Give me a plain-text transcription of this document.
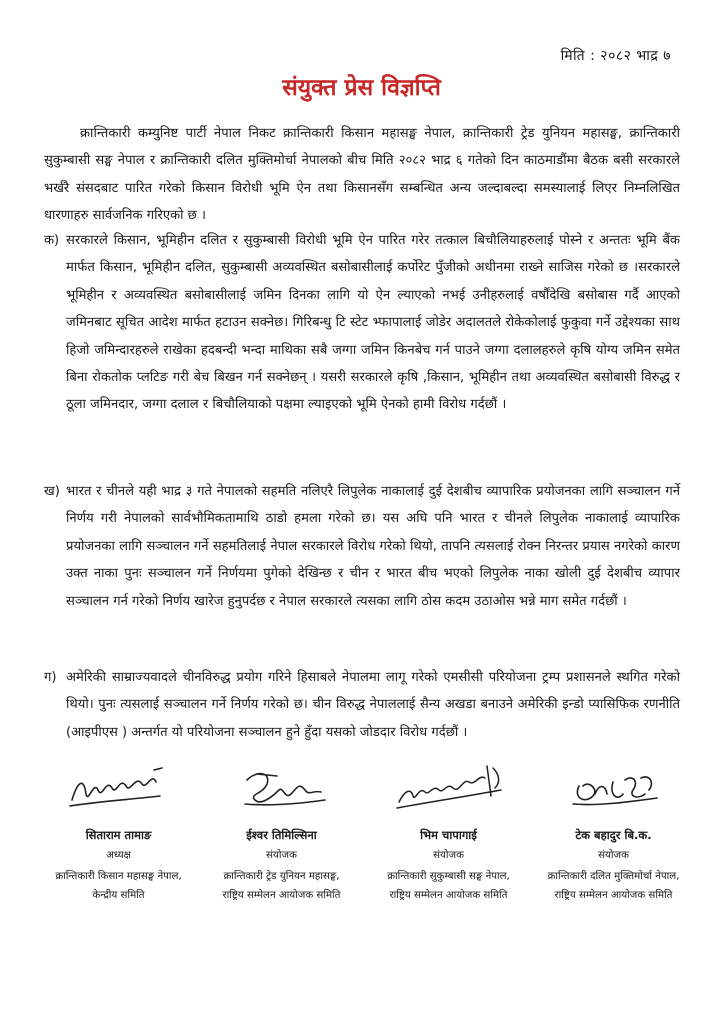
मिति : २०८२ भाद्र ७
संयुक्त प्रेस विज्ञप्ति

क्रान्तिकारी कम्युनिष्ट पार्टी नेपाल निकट क्रान्तिकारी किसान महासङ्घ नेपाल, क्रान्तिकारी ट्रेड युनियन महासङ्घ, क्रान्तिकारी सुकुम्बासी सङ्घ नेपाल र क्रान्तिकारी दलित मुक्तिमोर्चा नेपालको बीच मिति २०८२ भाद्र ६ गतेको दिन काठमाडौंमा बैठक बसी सरकारले भर्खरै संसदबाट पारित गरेको किसान विरोधी भूमि ऐन तथा किसानसँग सम्बन्धित अन्य जल्दाबल्दा समस्यालाई लिएर निम्नलिखित धारणाहरु सार्वजनिक गरिएको छ ।

क) सरकारले किसान, भूमिहीन दलित र सुकुम्बासी विरोधी भूमि ऐन पारित गरेर तत्काल बिचौलियाहरुलाई पोस्ने र अन्ततः भूमि बैंक मार्फत किसान, भूमिहीन दलित, सुकुम्बासी अव्यवस्थित बसोबासीलाई कर्पोरेट पुँजीको अधीनमा राख्ने साजिस गरेको छ ।सरकारले भूमिहीन र अव्यवस्थित बसोबासीलाई जमिन दिनका लागि यो ऐन ल्याएको नभई उनीहरुलाई वर्षौंदेखि बसोबास गर्दै आएको जमिनबाट सूचित आदेश मार्फत हटाउन सक्नेछ। गिरिबन्धु टि स्टेट भ्फापालाई जोडेर अदालतले रोकेकोलाई फुकुवा गर्ने उद्देश्यका साथ हिजो जमिन्दारहरुले राखेका हदबन्दी भन्दा माथिका सबै जग्गा जमिन किनबेच गर्न पाउने जग्गा दलालहरुले कृषि योग्य जमिन समेत बिना रोकतोक प्लटिङ गरी बेच बिखन गर्न सक्नेछन् । यसरी सरकारले कृषि ,किसान, भूमिहीन तथा अव्यवस्थित बसोबासी विरुद्ध र ठूला जमिनदार, जग्गा दलाल र बिचौलियाको पक्षमा ल्याइएको भूमि ऐनको हामी विरोध गर्दछौं ।

ख) भारत र चीनले यही भाद्र ३ गते नेपालको सहमति नलिएरै लिपुलेक नाकालाई दुई देशबीच व्यापारिक प्रयोजनका लागि सञ्चालन गर्ने निर्णय गरी नेपालको सार्वभौमिकतामाथि ठाडो हमला गरेको छ। यस अघि पनि भारत र चीनले लिपुलेक नाकालाई व्यापारिक प्रयोजनका लागि सञ्चालन गर्ने सहमतिलाई नेपाल सरकारले विरोध गरेको थियो, तापनि त्यसलाई रोक्न निरन्तर प्रयास नगरेको कारण उक्त नाका पुनः सञ्चालन गर्ने निर्णयमा पुगेको देखिन्छ र चीन र भारत बीच भएको लिपुलेक नाका खोली दुई देशबीच व्यापार सञ्चालन गर्न गरेको निर्णय खारेज हुनुपर्दछ र नेपाल सरकारले त्यसका लागि ठोस कदम उठाओस भन्ने माग समेत गर्दछौं ।

ग) अमेरिकी साम्राज्यवादले चीनविरुद्ध प्रयोग गरिने हिसाबले नेपालमा लागू गरेको एमसीसी परियोजना ट्रम्प प्रशासनले स्थगित गरेको थियो। पुनः त्यसलाई सञ्चालन गर्ने निर्णय गरेको छ। चीन विरुद्ध नेपाललाई सैन्य अखडा बनाउने अमेरिकी इन्डो प्यासिफिक रणनीति (आइपीएस ) अन्तर्गत यो परियोजना सञ्चालन हुने हुँदा यसको जोडदार विरोध गर्दछौं ।

सिताराम तामाङ
अध्यक्ष
क्रान्तिकारी किसान महासङ्घ नेपाल,
केन्द्रीय समिति
ईश्वर तिमिल्सिना
संयोजक
क्रान्तिकारी ट्रेड युनियन महासङ्घ,
राष्ट्रिय सम्मेलन आयोजक समिति
भिम चापागाई
संयोजक
क्रान्तिकारी सुकुम्बासी सङ्घ नेपाल,
राष्ट्रिय सम्मेलन आयोजक समिति
टेक बहादुर बि.क.
संयोजक
क्रान्तिकारी दलित मुक्तिमोर्चा नेपाल,
राष्ट्रिय सम्मेलन आयोजक समिति
